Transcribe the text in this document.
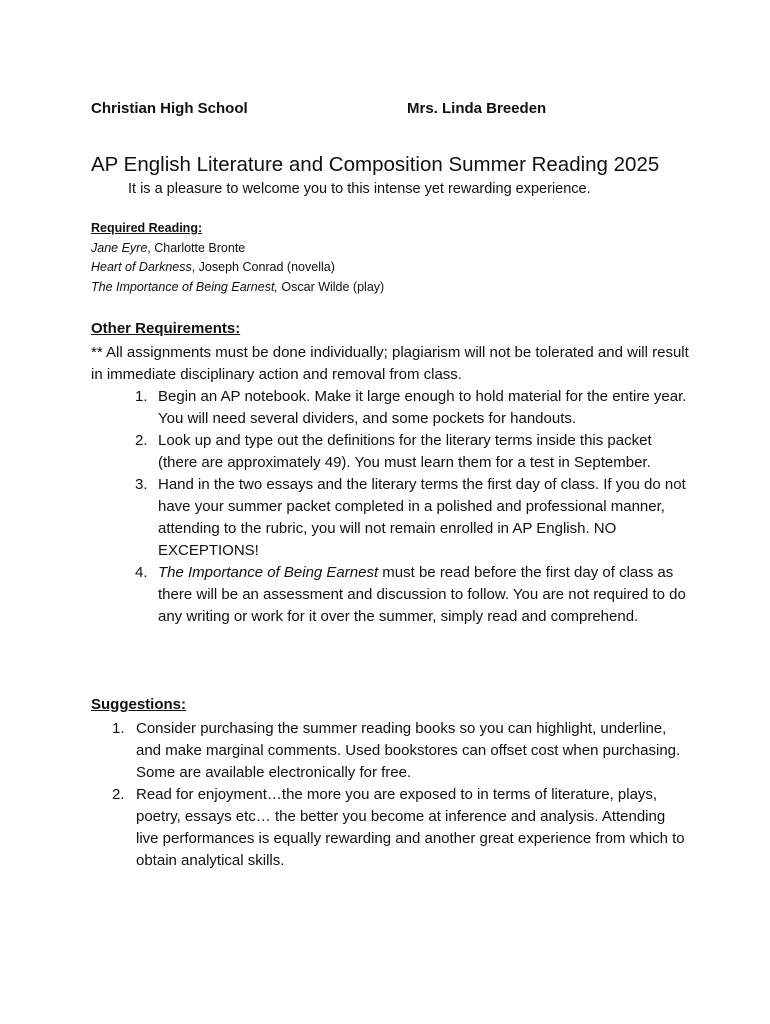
Christian High School	Mrs. Linda Breeden
AP English Literature and Composition Summer Reading 2025
It is a pleasure to welcome you to this intense yet rewarding experience.
Required Reading:
Jane Eyre, Charlotte Bronte
Heart of Darkness, Joseph Conrad (novella)
The Importance of Being Earnest, Oscar Wilde (play)
Other Requirements:
** All assignments must be done individually; plagiarism will not be tolerated and will result in immediate disciplinary action and removal from class.
1. Begin an AP notebook. Make it large enough to hold material for the entire year. You will need several dividers, and some pockets for handouts.
2. Look up and type out the definitions for the literary terms inside this packet (there are approximately 49). You must learn them for a test in September.
3. Hand in the two essays and the literary terms the first day of class. If you do not have your summer packet completed in a polished and professional manner, attending to the rubric, you will not remain enrolled in AP English. NO EXCEPTIONS!
4. The Importance of Being Earnest must be read before the first day of class as there will be an assessment and discussion to follow. You are not required to do any writing or work for it over the summer, simply read and comprehend.
Suggestions:
1. Consider purchasing the summer reading books so you can highlight, underline, and make marginal comments. Used bookstores can offset cost when purchasing. Some are available electronically for free.
2. Read for enjoyment…the more you are exposed to in terms of literature, plays, poetry, essays etc… the better you become at inference and analysis. Attending live performances is equally rewarding and another great experience from which to obtain analytical skills.
